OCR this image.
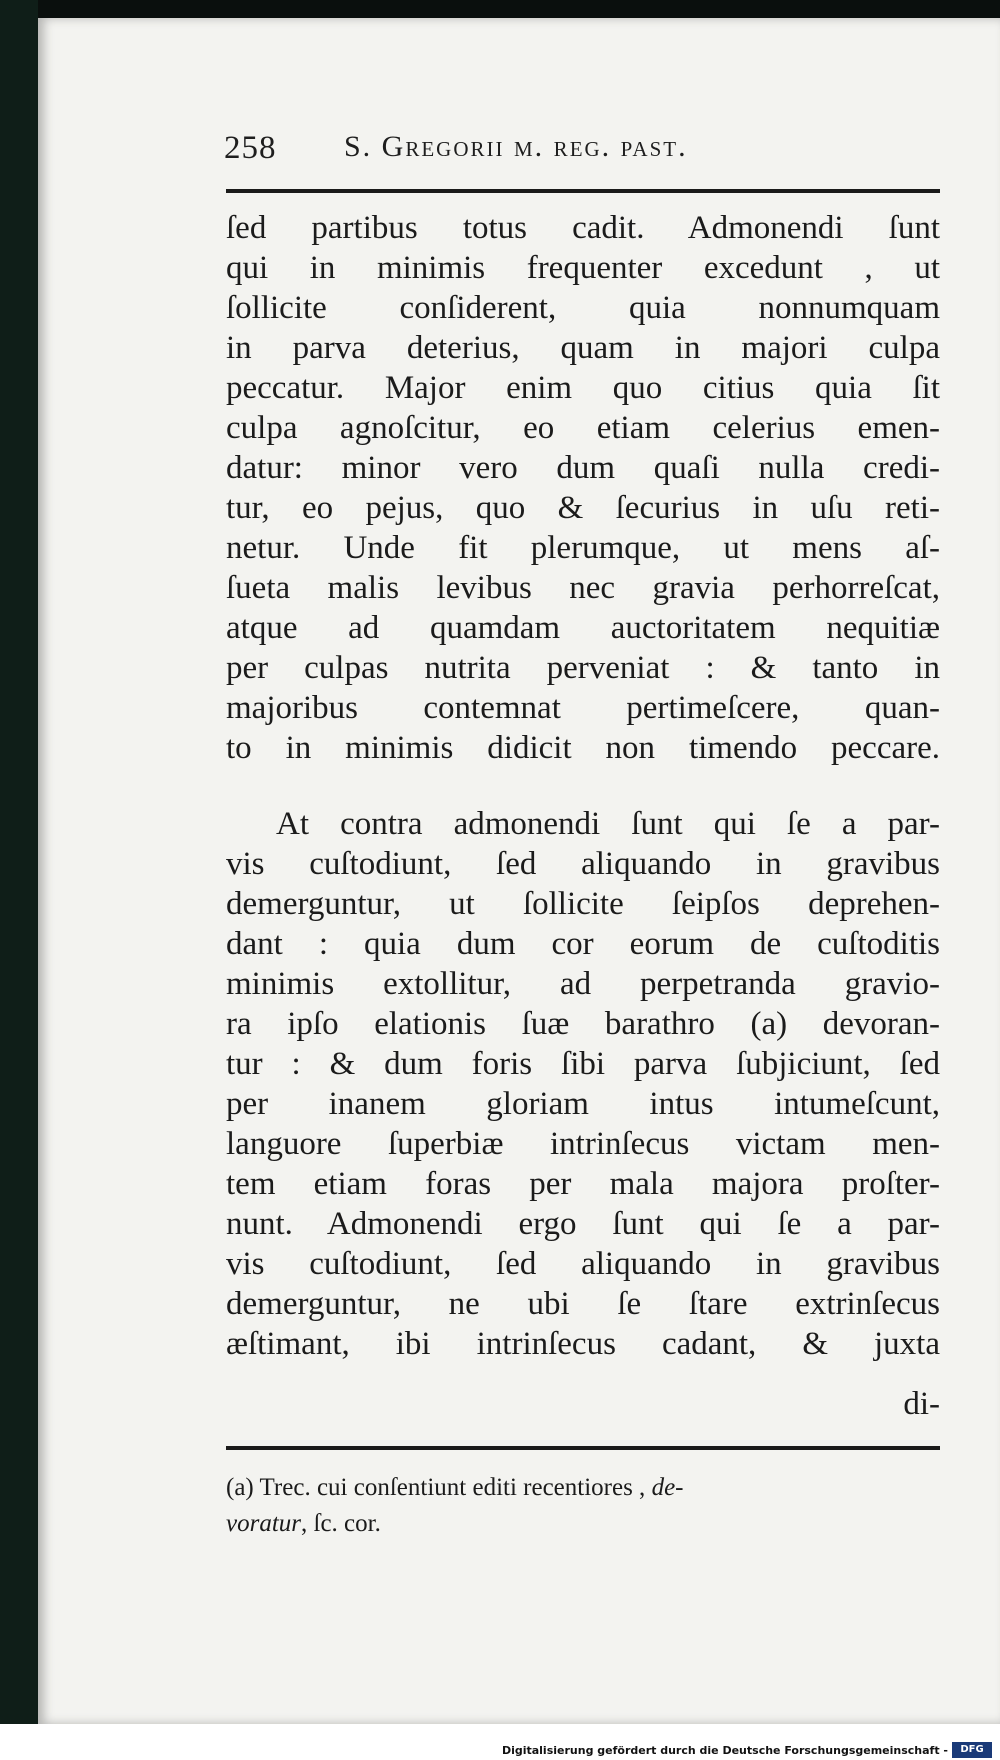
258 S. Gregorii m. reg. past.
ſed partibus totus cadit. Admonendi ſunt
qui in minimis frequenter excedunt , ut
ſollicite conſiderent, quia nonnumquam
in parva deterius, quam in majori culpa
peccatur. Major enim quo citius quia ſit
culpa agnoſcitur, eo etiam celerius emen-
datur: minor vero dum quaſi nulla credi-
tur, eo pejus, quo & ſecurius in uſu reti-
netur. Unde fit plerumque, ut mens aſ-
ſueta malis levibus nec gravia perhorreſcat,
atque ad quamdam auctoritatem nequitiæ
per culpas nutrita perveniat : & tanto in
majoribus contemnat pertimeſcere, quan-
to in minimis didicit non timendo peccare.
At contra admonendi ſunt qui ſe a par-
vis cuſtodiunt, ſed aliquando in gravibus
demerguntur, ut ſollicite ſeipſos deprehen-
dant : quia dum cor eorum de cuſtoditis
minimis extollitur, ad perpetranda gravio-
ra ipſo elationis ſuæ barathro (a) devoran-
tur : & dum foris ſibi parva ſubjiciunt, ſed
per inanem gloriam intus intumeſcunt,
languore ſuperbiæ intrinſecus victam men-
tem etiam foras per mala majora proſter-
nunt. Admonendi ergo ſunt qui ſe a par-
vis cuſtodiunt, ſed aliquando in gravibus
demerguntur, ne ubi ſe ſtare extrinſecus
æſtimant, ibi intrinſecus cadant, & juxta
di-
(a) Trec. cui conſentiunt editi recentiores , de-
voratur, ſc. cor.
Digitalisierung gefördert durch die Deutsche Forschungsgemeinschaft -	DFG
